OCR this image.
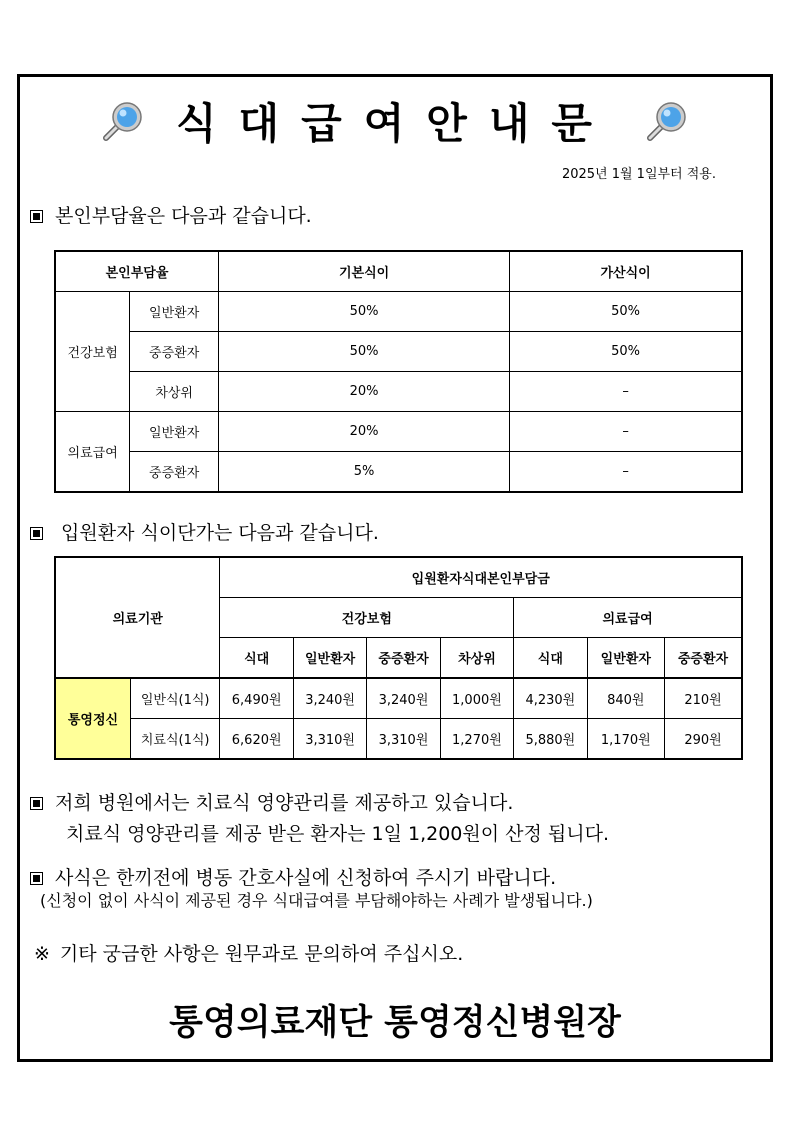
식대급여안내문
2025년 1월 1일부터 적용.
본인부담율은 다음과 같습니다.
본인부담율		기본식이	가산식이
건강보험	일반환자	50%	50%
	중증환자	50%	50%
	차상위	20%	–
의료급여	일반환자	20%	–
	중증환자	5%	–
입원환자 식이단가는 다음과 같습니다.
의료기관		입원환자식대본인부담금						
		건강보험				의료급여		
		식대	일반환자	중증환자	차상위	식대	일반환자	중증환자
통영정신	일반식(1식)	6,490원	3,240원	3,240원	1,000원	4,230원	840원	210원
	치료식(1식)	6,620원	3,310원	3,310원	1,270원	5,880원	1,170원	290원
저희 병원에서는 치료식 영양관리를 제공하고 있습니다.
치료식 영양관리를 제공 받은 환자는 1일 1,200원이 산정 됩니다.
사식은 한끼전에 병동 간호사실에 신청하여 주시기 바랍니다.
(신청이 없이 사식이 제공된 경우 식대급여를 부담해야하는 사례가 발생됩니다.)
※ 기타 궁금한 사항은 원무과로 문의하여 주십시오.
통영의료재단 통영정신병원장
